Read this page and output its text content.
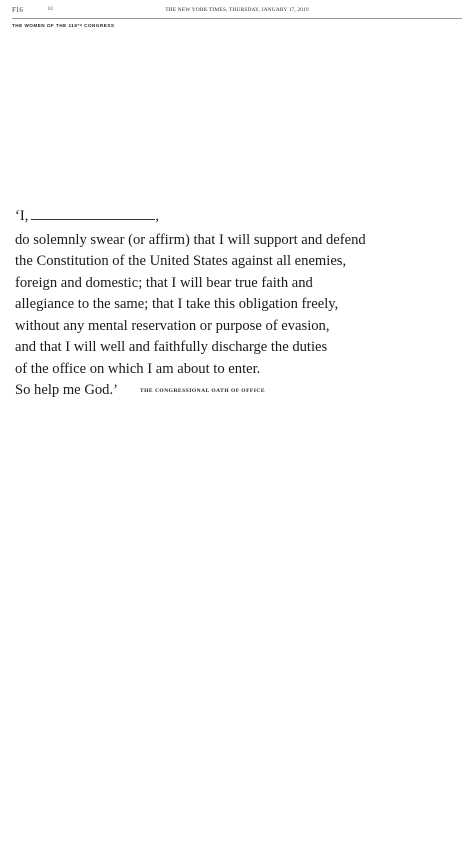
F16	02	THE NEW YORK TIMES, THURSDAY, JANUARY 17, 2019
THE WOMEN OF THE 116TH CONGRESS
‘I,	,
do solemnly swear (or affirm) that I will support and defend
the Constitution of the United States against all enemies,
foreign and domestic; that I will bear true faith and
allegiance to the same; that I take this obligation freely,
without any mental reservation or purpose of evasion,
and that I will well and faithfully discharge the duties
of the office on which I am about to enter.
So help me God.’	THE CONGRESSIONAL OATH OF OFFICE
